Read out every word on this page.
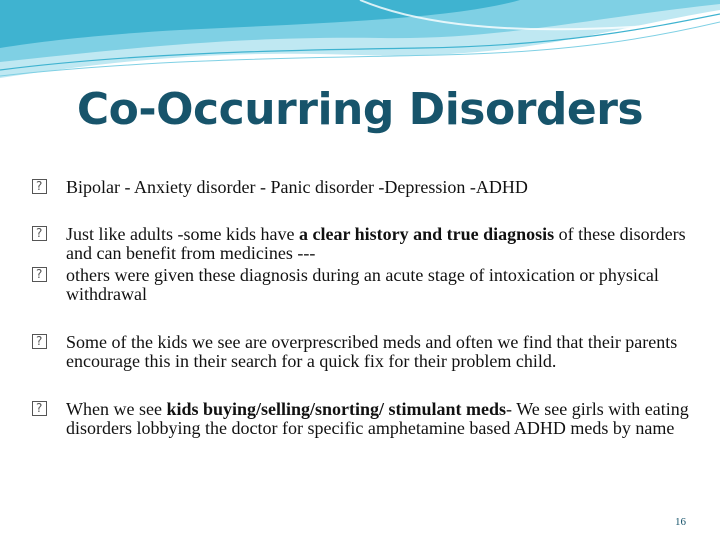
Co-Occurring Disorders

?
Bipolar - Anxiety disorder - Panic disorder -Depression -ADHD

?
Just like adults -some kids have a clear history and true diagnosis of these disorders and can benefit from medicines ---

?
others were given these diagnosis during an acute stage of intoxication or physical withdrawal

?
Some of the kids we see are overprescribed meds and often we find that their parents encourage this in their search for a quick fix for their problem child.

?
When we see kids buying/selling/snorting/ stimulant meds- We see girls with eating disorders lobbying the doctor for specific amphetamine based ADHD meds by name

16
